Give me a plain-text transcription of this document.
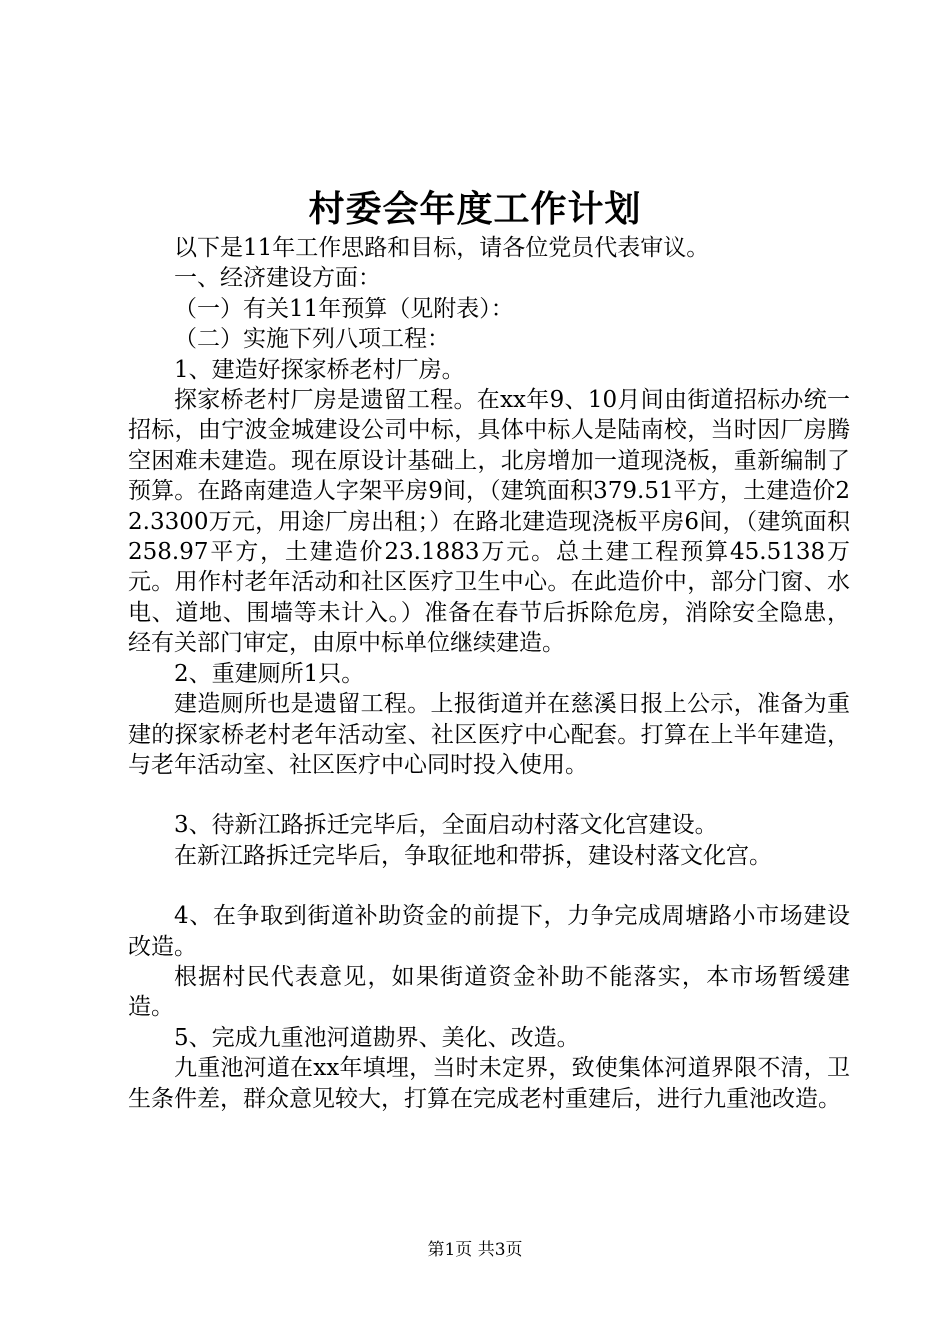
村委会年度工作计划

以下是11年工作思路和目标，请各位党员代表审议。

一、经济建设方面：

（一）有关11年预算（见附表）：

（二）实施下列八项工程：

1、建造好探家桥老村厂房。

探家桥老村厂房是遗留工程。在xx年9、10月间由街道招标办统一招标，由宁波金城建设公司中标，具体中标人是陆南校，当时因厂房腾空困难未建造。现在原设计基础上，北房增加一道现浇板，重新编制了预算。在路南建造人字架平房9间，（建筑面积379.51平方，土建造价22.3300万元，用途厂房出租；）在路北建造现浇板平房6间，（建筑面积258.97平方，土建造价23.1883万元。总土建工程预算45.5138万元。用作村老年活动和社区医疗卫生中心。在此造价中，部分门窗、水电、道地、围墙等未计入。）准备在春节后拆除危房，消除安全隐患，经有关部门审定，由原中标单位继续建造。

2、重建厕所1只。

建造厕所也是遗留工程。上报街道并在慈溪日报上公示，准备为重建的探家桥老村老年活动室、社区医疗中心配套。打算在上半年建造，与老年活动室、社区医疗中心同时投入使用。

3、待新江路拆迁完毕后，全面启动村落文化宫建设。

在新江路拆迁完毕后，争取征地和带拆，建设村落文化宫。

4、在争取到街道补助资金的前提下，力争完成周塘路小市场建设改造。

根据村民代表意见，如果街道资金补助不能落实，本市场暂缓建造。

5、完成九重池河道勘界、美化、改造。

九重池河道在xx年填埋，当时未定界，致使集体河道界限不清，卫生条件差，群众意见较大，打算在完成老村重建后，进行九重池改造。

第1页 共3页
